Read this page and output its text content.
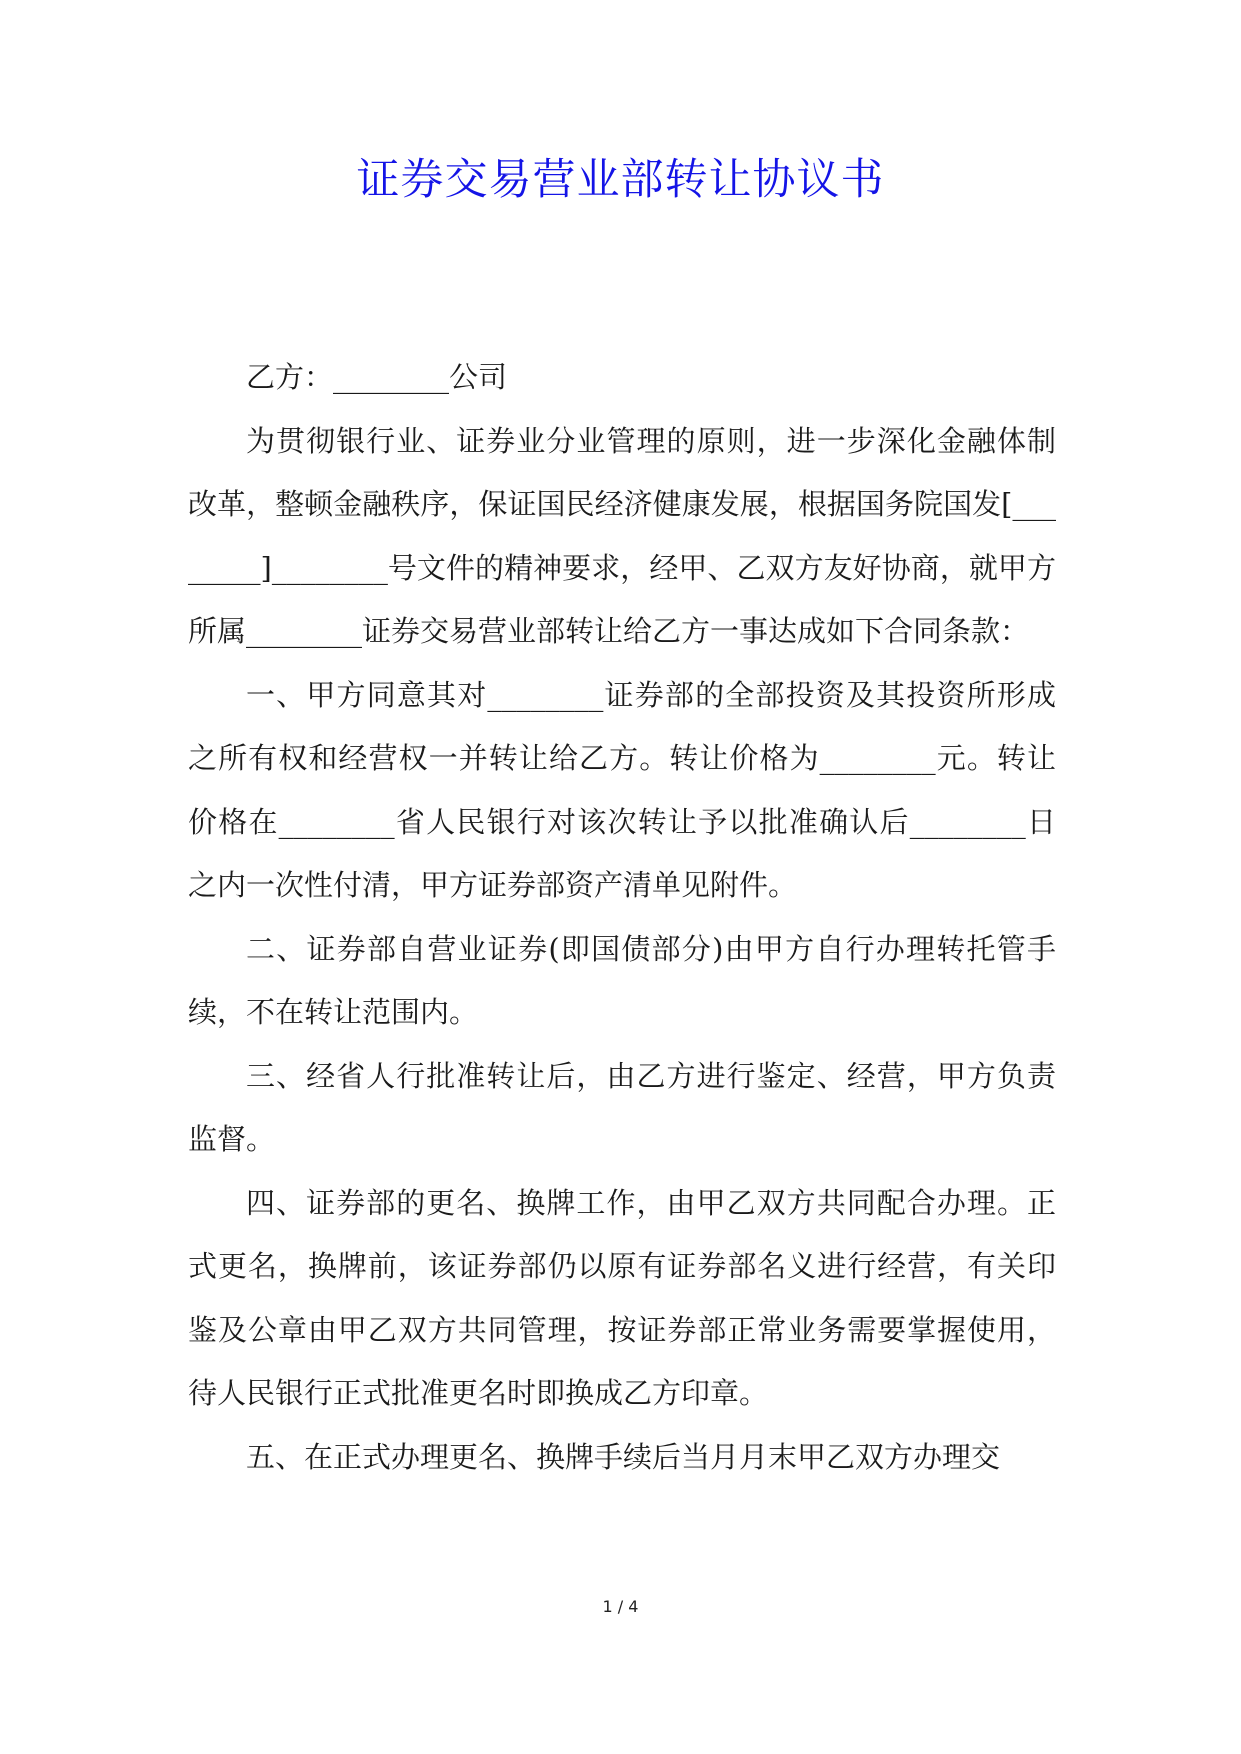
证券交易营业部转让协议书

乙方：________公司

为贯彻银行业、证券业分业管理的原则，进一步深化金融体制改革，整顿金融秩序，保证国民经济健康发展，根据国务院国发[________]________号文件的精神要求，经甲、乙双方友好协商，就甲方所属________证券交易营业部转让给乙方一事达成如下合同条款：

一、甲方同意其对________证券部的全部投资及其投资所形成之所有权和经营权一并转让给乙方。转让价格为________元。转让价格在________省人民银行对该次转让予以批准确认后________日之内一次性付清，甲方证券部资产清单见附件。

二、证券部自营业证券(即国债部分)由甲方自行办理转托管手续，不在转让范围内。

三、经省人行批准转让后，由乙方进行鉴定、经营，甲方负责监督。

四、证券部的更名、换牌工作，由甲乙双方共同配合办理。正式更名，换牌前，该证券部仍以原有证券部名义进行经营，有关印鉴及公章由甲乙双方共同管理，按证券部正常业务需要掌握使用，待人民银行正式批准更名时即换成乙方印章。

五、在正式办理更名、换牌手续后当月月末甲乙双方办理交

1 / 4
